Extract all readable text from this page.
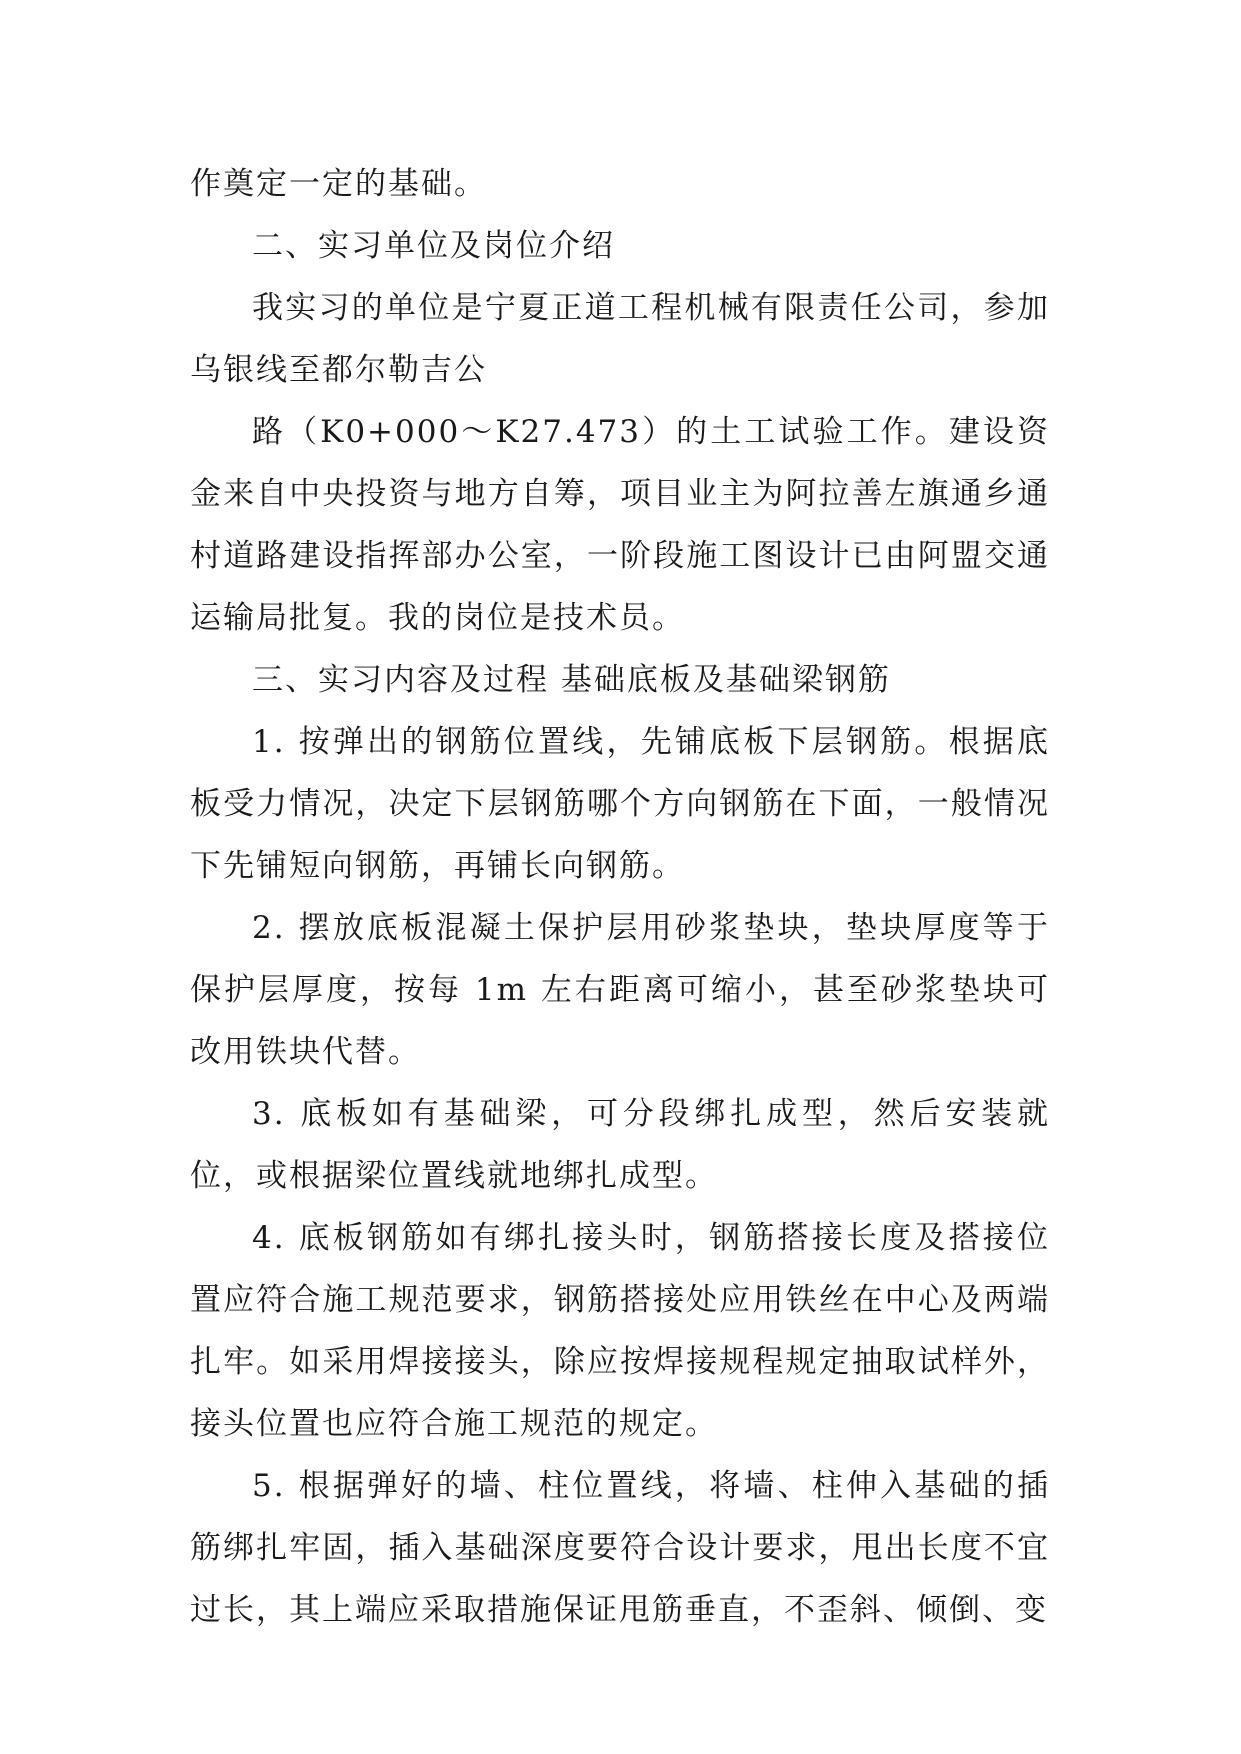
作奠定一定的基础。

二、实习单位及岗位介绍

我实习的单位是宁夏正道工程机械有限责任公司，参加乌银线至都尔勒吉公

路（K0+000～K27.473）的土工试验工作。建设资金来自中央投资与地方自筹，项目业主为阿拉善左旗通乡通村道路建设指挥部办公室，一阶段施工图设计已由阿盟交通运输局批复。我的岗位是技术员。

三、实习内容及过程 基础底板及基础梁钢筋

1. 按弹出的钢筋位置线，先铺底板下层钢筋。根据底板受力情况，决定下层钢筋哪个方向钢筋在下面，一般情况下先铺短向钢筋，再铺长向钢筋。

2. 摆放底板混凝土保护层用砂浆垫块，垫块厚度等于保护层厚度，按每 1m 左右距离可缩小，甚至砂浆垫块可改用铁块代替。

3. 底板如有基础梁，可分段绑扎成型，然后安装就位，或根据梁位置线就地绑扎成型。

4. 底板钢筋如有绑扎接头时，钢筋搭接长度及搭接位置应符合施工规范要求，钢筋搭接处应用铁丝在中心及两端扎牢。如采用焊接接头，除应按焊接规程规定抽取试样外，接头位置也应符合施工规范的规定。

5. 根据弹好的墙、柱位置线，将墙、柱伸入基础的插筋绑扎牢固，插入基础深度要符合设计要求，甩出长度不宜过长，其上端应采取措施保证甩筋垂直，不歪斜、倾倒、变
